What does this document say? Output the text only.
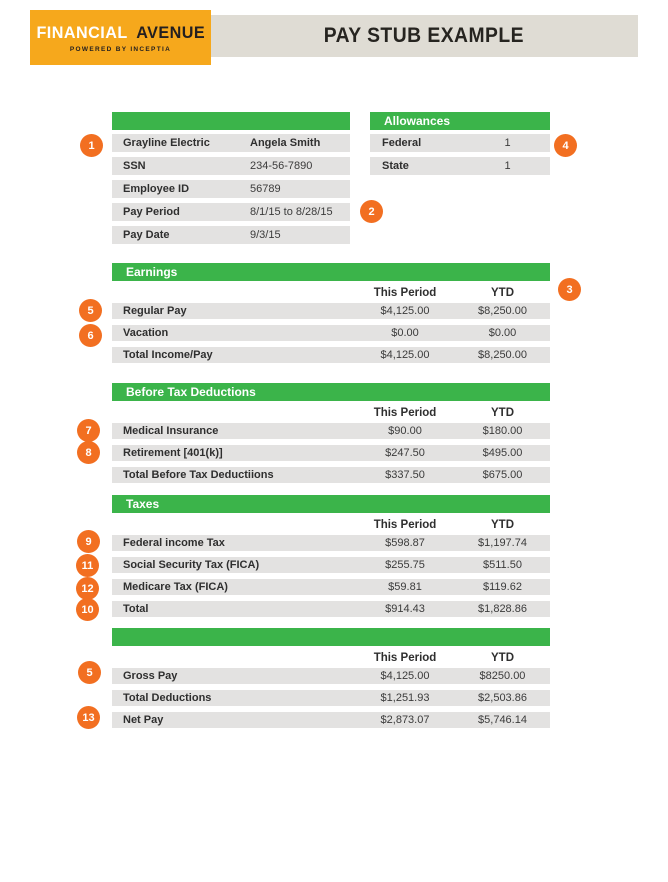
PAY STUB EXAMPLE
FINANCIAL AVENUE
POWERED BY INCEPTIA
Grayline Electric	Angela Smith
SSN	234-56-7890
Employee ID	56789
Pay Period	8/1/15 to 8/28/15
Pay Date	9/3/15
Allowances
Federal	1
State	1
Earnings
This Period	YTD
Regular Pay	$4,125.00	$8,250.00
Vacation	$0.00	$0.00
Total Income/Pay	$4,125.00	$8,250.00
Before Tax Deductions
This Period	YTD
Medical Insurance	$90.00	$180.00
Retirement [401(k)]	$247.50	$495.00
Total Before Tax Deductiions	$337.50	$675.00
Taxes
This Period	YTD
Federal income Tax	$598.87	$1,197.74
Social Security Tax (FICA)	$255.75	$511.50
Medicare Tax (FICA)	$59.81	$119.62
Total	$914.43	$1,828.86
This Period	YTD
Gross Pay	$4,125.00	$8250.00
Total Deductions	$1,251.93	$2,503.86
Net Pay	$2,873.07	$5,746.14
1
2
3
4
5
6
7
8
9
11
12
10
5
13
